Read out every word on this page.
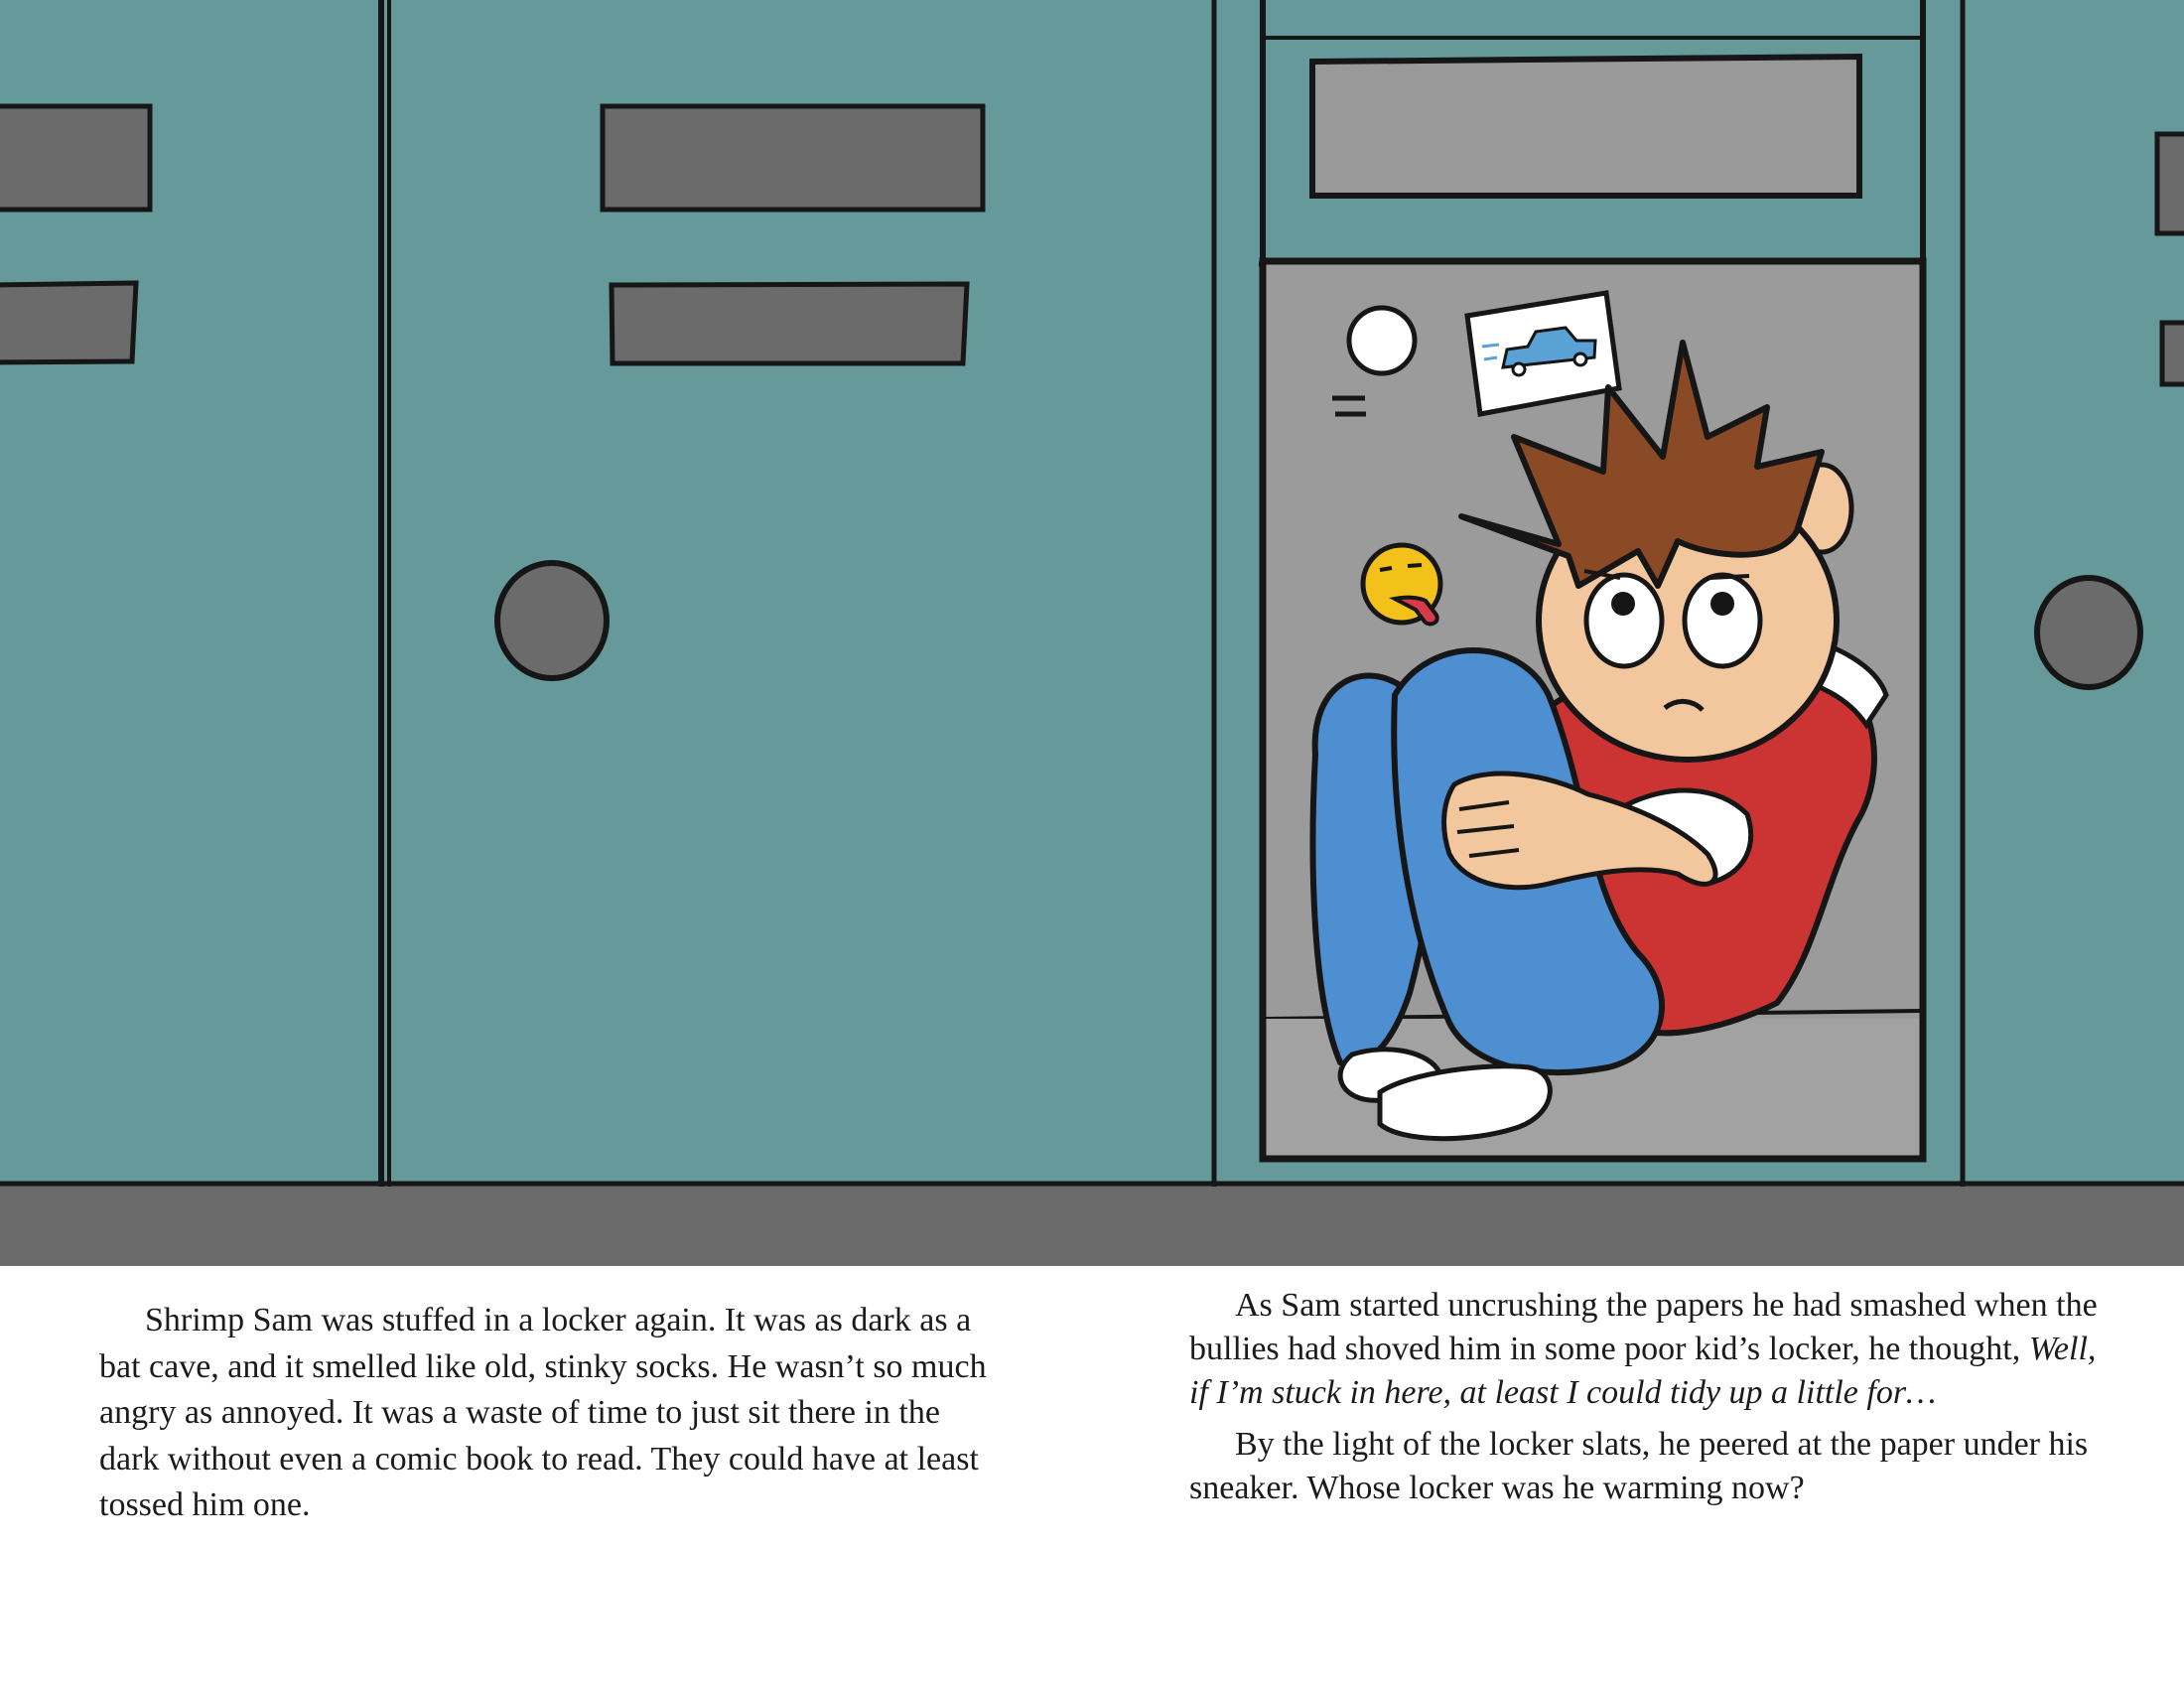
Shrimp Sam was stuffed in a locker again. It was as dark as a bat cave, and it smelled like old, stinky socks. He wasn’t so much angry as annoyed. It was a waste of time to just sit there in the dark without even a comic book to read. They could have at least tossed him one.

As Sam started uncrushing the papers he had smashed when the bullies had shoved him in some poor kid’s locker, he thought, Well, if I’m stuck in here, at least I could tidy up a little for…

By the light of the locker slats, he peered at the paper under his sneaker. Whose locker was he warming now?
